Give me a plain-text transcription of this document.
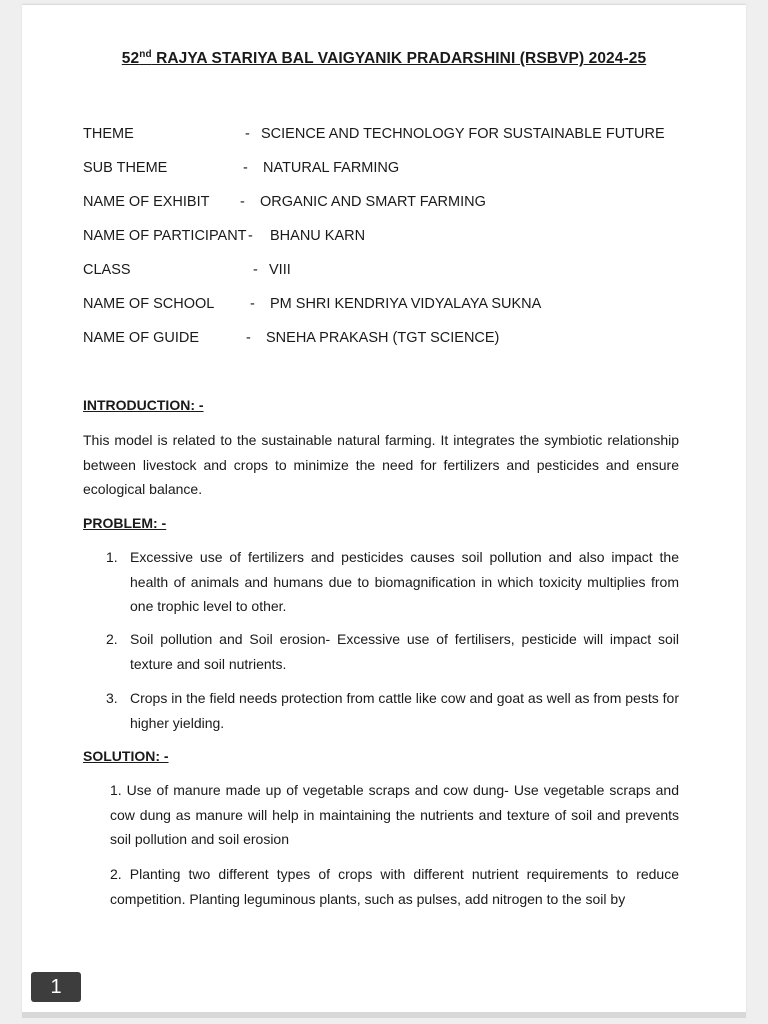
52nd RAJYA STARIYA BAL VAIGYANIK PRADARSHINI (RSBVP) 2024-25
THEME	- SCIENCE AND TECHNOLOGY FOR SUSTAINABLE FUTURE
SUB THEME	- NATURAL FARMING
NAME OF EXHIBIT - ORGANIC AND SMART FARMING
NAME OF PARTICIPANT - BHANU KARN
CLASS	- VIII
NAME OF SCHOOL - PM SHRI KENDRIYA VIDYALAYA SUKNA
NAME OF GUIDE	- SNEHA PRAKASH (TGT SCIENCE)
INTRODUCTION: -
This model is related to the sustainable natural farming. It integrates the symbiotic relationship between livestock and crops to minimize the need for fertilizers and pesticides and ensure ecological balance.
PROBLEM: -
1. Excessive use of fertilizers and pesticides causes soil pollution and also impact the health of animals and humans due to biomagnification in which toxicity multiplies from one trophic level to other.
2. Soil pollution and Soil erosion- Excessive use of fertilisers, pesticide will impact soil texture and soil nutrients.
3. Crops in the field needs protection from cattle like cow and goat as well as from pests for higher yielding.
SOLUTION: -
1. Use of manure made up of vegetable scraps and cow dung- Use vegetable scraps and cow dung as manure will help in maintaining the nutrients and texture of soil and prevents soil pollution and soil erosion
2. Planting two different types of crops with different nutrient requirements to reduce competition. Planting leguminous plants, such as pulses, add nitrogen to the soil by
1
